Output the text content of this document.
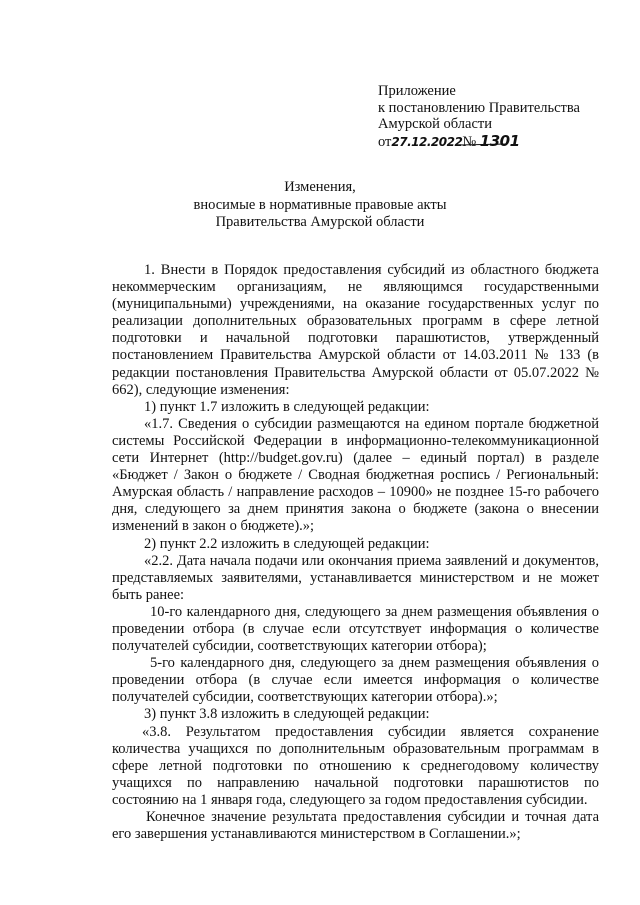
Приложение
к постановлению Правительства
Амурской области
от27.12.2022№ 1301
Изменения,
вносимые в нормативные правовые акты
Правительства Амурской области

1. Внести в Порядок предоставления субсидий из областного бюджета некоммерческим организациям, не являющимся государственными (муниципальными) учреждениями, на оказание государственных услуг по реализации дополнительных образовательных программ в сфере летной подготовки и начальной подготовки парашютистов, утвержденный постановлением Правительства Амурской области от 14.03.2011 № 133 (в редакции постановления Правительства Амурской области от 05.07.2022 № 662), следующие изменения:

1) пункт 1.7 изложить в следующей редакции:

«1.7. Сведения о субсидии размещаются на едином портале бюджетной системы Российской Федерации в информационно-телекоммуникационной сети Интернет (http://budget.gov.ru) (далее – единый портал) в разделе «Бюджет / Закон о бюджете / Сводная бюджетная роспись / Региональный: Амурская область / направление расходов – 10900» не позднее 15-го рабочего дня, следующего за днем принятия закона о бюджете (закона о внесении изменений в закон о бюджете).»;

2) пункт 2.2 изложить в следующей редакции:

«2.2. Дата начала подачи или окончания приема заявлений и документов, представляемых заявителями, устанавливается министерством и не может быть ранее:

10-го календарного дня, следующего за днем размещения объявления о проведении отбора (в случае если отсутствует информация о количестве получателей субсидии, соответствующих категории отбора);

5-го календарного дня, следующего за днем размещения объявления о проведении отбора (в случае если имеется информация о количестве получателей субсидии, соответствующих категории отбора).»;

3) пункт 3.8 изложить в следующей редакции:

«3.8. Результатом предоставления субсидии является сохранение количества учащихся по дополнительным образовательным программам в сфере летной подготовки по отношению к среднегодовому количеству учащихся по направлению начальной подготовки парашютистов по состоянию на 1 января года, следующего за годом предоставления субсидии.

Конечное значение результата предоставления субсидии и точная дата его завершения устанавливаются министерством в Соглашении.»;
